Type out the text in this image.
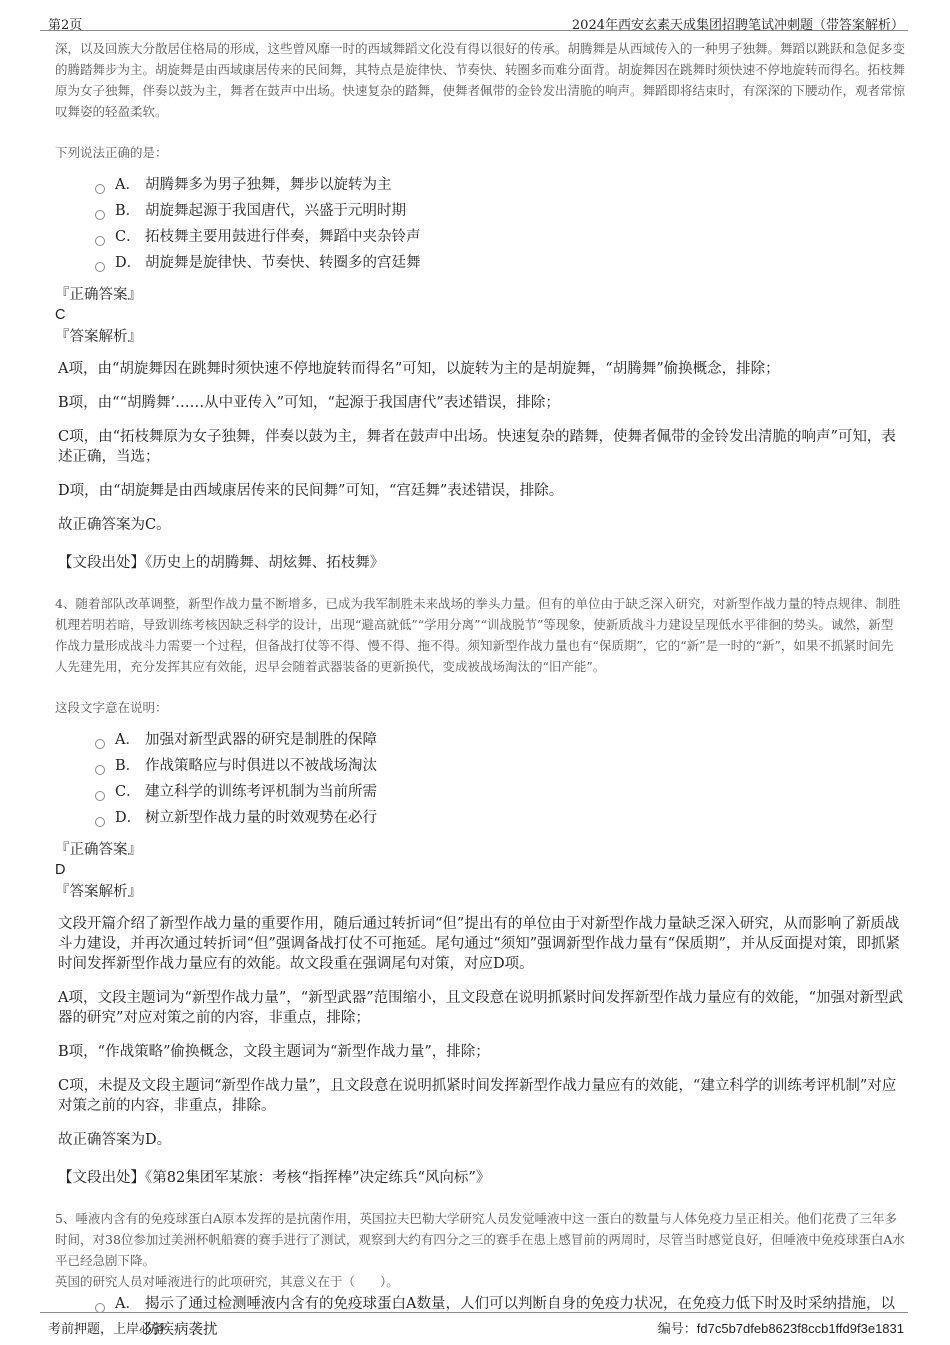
第2页	2024年西安玄素天成集团招聘笔试冲刺题（带答案解析）

深，以及回族大分散居住格局的形成，这些曾风靡一时的西域舞蹈文化没有得以很好的传承。胡腾舞是从西域传入的一种男子独舞。舞蹈以跳跃和急促多变的腾踏舞步为主。胡旋舞是由西域康居传来的民间舞，其特点是旋律快、节奏快、转圈多而难分面背。胡旋舞因在跳舞时须快速不停地旋转而得名。拓枝舞原为女子独舞，伴奏以鼓为主，舞者在鼓声中出场。快速复杂的踏舞，使舞者佩带的金铃发出清脆的响声。舞蹈即将结束时，有深深的下腰动作，观者常惊叹舞姿的轻盈柔软。

下列说法正确的是：

A． 胡腾舞多为男子独舞，舞步以旋转为主
B． 胡旋舞起源于我国唐代，兴盛于元明时期
C． 拓枝舞主要用鼓进行伴奏，舞蹈中夹杂铃声
D． 胡旋舞是旋律快、节奏快、转圈多的宫廷舞

『正确答案』

C

『答案解析』

A项，由“胡旋舞因在跳舞时须快速不停地旋转而得名”可知，以旋转为主的是胡旋舞，“胡腾舞”偷换概念，排除；

B项，由““胡腾舞’……从中亚传入”可知，“起源于我国唐代”表述错误，排除；

C项，由“拓枝舞原为女子独舞，伴奏以鼓为主，舞者在鼓声中出场。快速复杂的踏舞，使舞者佩带的金铃发出清脆的响声”可知，表述正确，当选；

D项，由“胡旋舞是由西域康居传来的民间舞”可知，“宫廷舞”表述错误，排除。

故正确答案为C。

【文段出处】《历史上的胡腾舞、胡炫舞、拓枝舞》

4、随着部队改革调整，新型作战力量不断增多，已成为我军制胜未来战场的拳头力量。但有的单位由于缺乏深入研究，对新型作战力量的特点规律、制胜机理若明若暗，导致训练考核因缺乏科学的设计，出现“避高就低”“学用分离”“训战脱节”等现象，使新质战斗力建设呈现低水平徘徊的势头。诚然，新型作战力量形成战斗力需要一个过程，但备战打仗等不得、慢不得、拖不得。须知新型作战力量也有“保质期”，它的“新”是一时的“新”，如果不抓紧时间先人先建先用，充分发挥其应有效能，迟早会随着武器装备的更新换代，变成被战场淘汰的“旧产能”。

这段文字意在说明：

A． 加强对新型武器的研究是制胜的保障
B． 作战策略应与时俱进以不被战场淘汰
C． 建立科学的训练考评机制为当前所需
D． 树立新型作战力量的时效观势在必行

『正确答案』

D

『答案解析』

文段开篇介绍了新型作战力量的重要作用，随后通过转折词“但”提出有的单位由于对新型作战力量缺乏深入研究，从而影响了新质战斗力建设，并再次通过转折词“但”强调备战打仗不可拖延。尾句通过“须知”强调新型作战力量有“保质期”，并从反面提对策，即抓紧时间发挥新型作战力量应有的效能。故文段重在强调尾句对策，对应D项。

A项，文段主题词为“新型作战力量”，“新型武器”范围缩小，且文段意在说明抓紧时间发挥新型作战力量应有的效能，“加强对新型武器的研究”对应对策之前的内容，非重点，排除；

B项，“作战策略”偷换概念，文段主题词为“新型作战力量”，排除；

C项，未提及文段主题词“新型作战力量”，且文段意在说明抓紧时间发挥新型作战力量应有的效能，“建立科学的训练考评机制”对应对策之前的内容，非重点，排除。

故正确答案为D。

【文段出处】《第82集团军某旅：考核“指挥棒”决定练兵“风向标”》

5、唾液内含有的免疫球蛋白A原本发挥的是抗菌作用，英国拉夫巴勒大学研究人员发觉唾液中这一蛋白的数量与人体免疫力呈正相关。他们花费了三年多时间，对38位参加过美洲杯帆船赛的赛手进行了测试，观察到大约有四分之三的赛手在患上感冒前的两周时，尽管当时感觉良好，但唾液中免疫球蛋白A水平已经急剧下降。

英国的研究人员对唾液进行的此项研究，其意义在于（　　）。

A． 揭示了通过检测唾液内含有的免疫球蛋白A数量，人们可以判断自身的免疫力状况，在免疫力低下时及时采纳措施，以防疾病袭扰
考前押题，上岸必备	编号：fd7c5b7dfeb8623f8ccb1ffd9f3e1831
